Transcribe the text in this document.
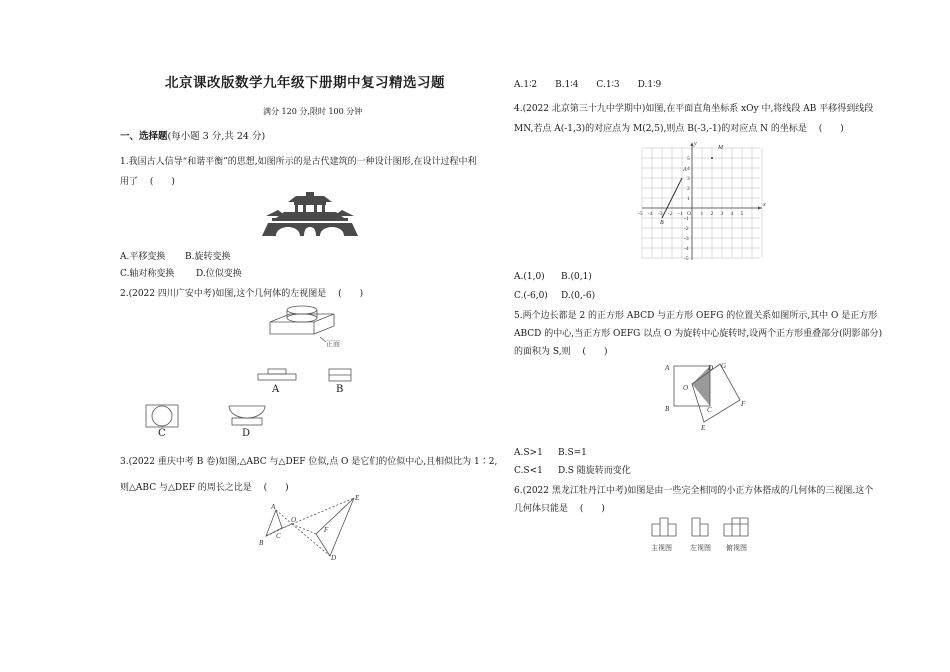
北京课改版数学九年级下册期中复习精选习题
满分 120 分,限时 100 分钟
一、选择题(每小题 3 分,共 24 分)
1.我国古人信导“和谐平衡”的思想,如图所示的是古代建筑的一种设计图形,在设计过程中利
用了　 (　　)
A.平移变换 B.旋转变换
C.轴对称变换 D.位似变换
2.(2022 四川广安中考)如图,这个几何体的左视图是　 (　　)
正面
A	B
C	D
3.(2022 重庆中考 B 卷)如图,△ABC 与△DEF 位似,点 O 是它们的位似中心,且相似比为 1∶2,
则△ABC 与△DEF 的周长之比是　 (　　)
A
B
C
O
D
E
F
A.1∶2　　B.1∶4　　C.1∶3　　D.1∶9
4.(2022 北京第三十九中学期中)如图,在平面直角坐标系 xOy 中,将线段 AB 平移得到线段
MN,若点 A(-1,3)的对应点为 M(2,5),则点 B(-3,-1)的对应点 N 的坐标是　 (　　)
x
y
A
B
M
-5 -4 -3 -2 -1 O 1 2 3 4 5
5
4
3
2
1
-1
-2
-3
-4
-5
A.(1,0) B.(0,1)
C.(-6,0) D.(0,-6)
5.两个边长都是 2 的正方形 ABCD 与正方形 OEFG 的位置关系如图所示,其中 O 是正方形
ABCD 的中心,当正方形 OEFG 以点 O 为旋转中心旋转时,设两个正方形重叠部分(阴影部分)
的面积为 S,则　 (　　)
A
B	C
D
O
E
F
G
A.S>1 B.S=1
C.S<1 D.S 随旋转而变化
6.(2022 黑龙江牡丹江中考)如图是由一些完全相同的小正方体搭成的几何体的三视图.这个
几何体只能是　 (　　)
主视图	左视图 俯视图
